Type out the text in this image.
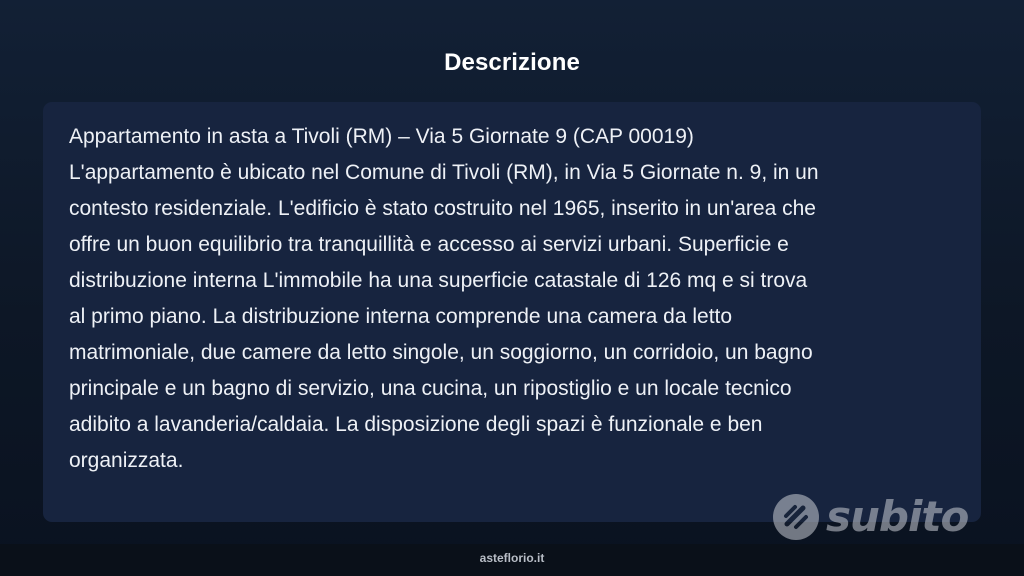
Descrizione

Appartamento in asta a Tivoli (RM) – Via 5 Giornate 9 (CAP 00019)
L'appartamento è ubicato nel Comune di Tivoli (RM), in Via 5 Giornate n. 9, in un
contesto residenziale. L'edificio è stato costruito nel 1965, inserito in un'area che
offre un buon equilibrio tra tranquillità e accesso ai servizi urbani. Superficie e
distribuzione interna L'immobile ha una superficie catastale di 126 mq e si trova
al primo piano. La distribuzione interna comprende una camera da letto
matrimoniale, due camere da letto singole, un soggiorno, un corridoio, un bagno
principale e un bagno di servizio, una cucina, un ripostiglio e un locale tecnico
adibito a lavanderia/caldaia. La disposizione degli spazi è funzionale e ben
organizzata.

subito
asteflorio.it
